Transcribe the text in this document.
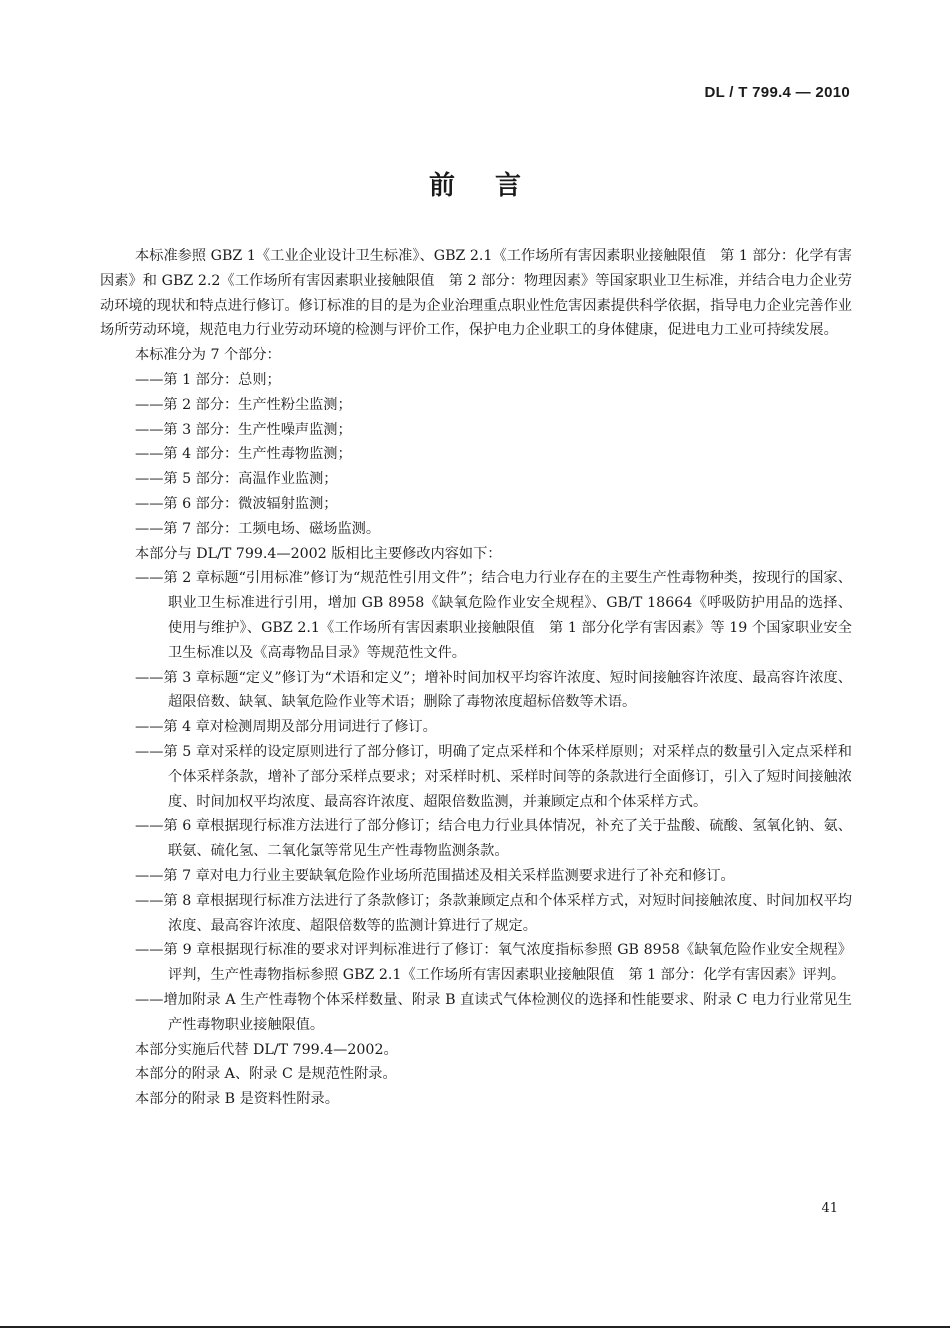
DL / T 799.4 — 2010
前言

本标准参照 GBZ 1《工业企业设计卫生标准》、GBZ 2.1《工作场所有害因素职业接触限值　第 1 部分：化学有害因素》和 GBZ 2.2《工作场所有害因素职业接触限值　第 2 部分：物理因素》等国家职业卫生标准，并结合电力企业劳动环境的现状和特点进行修订。修订标准的目的是为企业治理重点职业性危害因素提供科学依据，指导电力企业完善作业场所劳动环境，规范电力行业劳动环境的检测与评价工作，保护电力企业职工的身体健康，促进电力工业可持续发展。

本标准分为 7 个部分：

——第 1 部分：总则；

——第 2 部分：生产性粉尘监测；

——第 3 部分：生产性噪声监测；

——第 4 部分：生产性毒物监测；

——第 5 部分：高温作业监测；

——第 6 部分：微波辐射监测；

——第 7 部分：工频电场、磁场监测。

本部分与 DL/T 799.4—2002 版相比主要修改内容如下：

——第 2 章标题“引用标准”修订为“规范性引用文件”；结合电力行业存在的主要生产性毒物种类，按现行的国家、职业卫生标准进行引用，增加 GB 8958《缺氧危险作业安全规程》、GB/T 18664《呼吸防护用品的选择、使用与维护》、GBZ 2.1《工作场所有害因素职业接触限值　第 1 部分化学有害因素》等 19 个国家职业安全卫生标准以及《高毒物品目录》等规范性文件。

——第 3 章标题“定义”修订为“术语和定义”；增补时间加权平均容许浓度、短时间接触容许浓度、最高容许浓度、超限倍数、缺氧、缺氧危险作业等术语；删除了毒物浓度超标倍数等术语。

——第 4 章对检测周期及部分用词进行了修订。

——第 5 章对采样的设定原则进行了部分修订，明确了定点采样和个体采样原则；对采样点的数量引入定点采样和个体采样条款，增补了部分采样点要求；对采样时机、采样时间等的条款进行全面修订，引入了短时间接触浓度、时间加权平均浓度、最高容许浓度、超限倍数监测，并兼顾定点和个体采样方式。

——第 6 章根据现行标准方法进行了部分修订；结合电力行业具体情况，补充了关于盐酸、硫酸、氢氧化钠、氨、联氨、硫化氢、二氧化氯等常见生产性毒物监测条款。

——第 7 章对电力行业主要缺氧危险作业场所范围描述及相关采样监测要求进行了补充和修订。

——第 8 章根据现行标准方法进行了条款修订；条款兼顾定点和个体采样方式，对短时间接触浓度、时间加权平均浓度、最高容许浓度、超限倍数等的监测计算进行了规定。

——第 9 章根据现行标准的要求对评判标准进行了修订：氧气浓度指标参照 GB 8958《缺氧危险作业安全规程》评判，生产性毒物指标参照 GBZ 2.1《工作场所有害因素职业接触限值　第 1 部分：化学有害因素》评判。

——增加附录 A 生产性毒物个体采样数量、附录 B 直读式气体检测仪的选择和性能要求、附录 C 电力行业常见生产性毒物职业接触限值。

本部分实施后代替 DL/T 799.4—2002。

本部分的附录 A、附录 C 是规范性附录。

本部分的附录 B 是资料性附录。

41
